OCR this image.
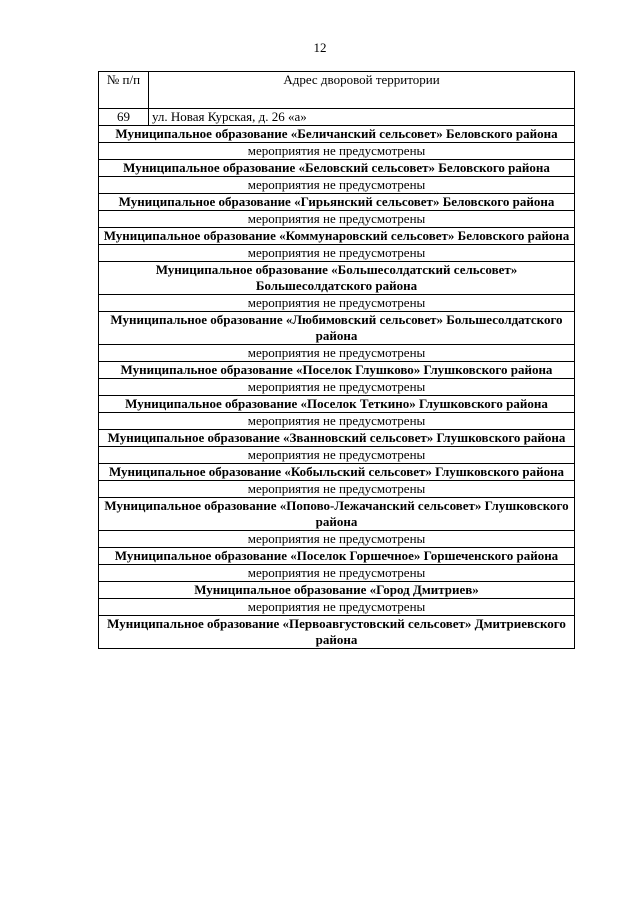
12
№ п/п	Адрес дворовой территории
69	ул. Новая Курская, д. 26 «а»
Муниципальное образование «Беличанский сельсовет» Беловского района	
мероприятия не предусмотрены	
Муниципальное образование «Беловский сельсовет» Беловского района	
мероприятия не предусмотрены	
Муниципальное образование «Гирьянский сельсовет» Беловского района	
мероприятия не предусмотрены	
Муниципальное образование «Коммунаровский сельсовет» Беловского района	
мероприятия не предусмотрены	
Муниципальное образование «Большесолдатский сельсовет» Большесолдатского района	
мероприятия не предусмотрены	
Муниципальное образование «Любимовский сельсовет» Большесолдатского района	
мероприятия не предусмотрены	
Муниципальное образование «Поселок Глушково» Глушковского района	
мероприятия не предусмотрены	
Муниципальное образование «Поселок Теткино» Глушковского района	
мероприятия не предусмотрены	
Муниципальное образование «Званновский сельсовет» Глушковского района	
мероприятия не предусмотрены	
Муниципальное образование «Кобыльский сельсовет» Глушковского района	
мероприятия не предусмотрены	
Муниципальное образование «Попово-Лежачанский сельсовет» Глушковского района	
мероприятия не предусмотрены	
Муниципальное образование «Поселок Горшечное» Горшеченского района	
мероприятия не предусмотрены	
Муниципальное образование «Город Дмитриев»	
мероприятия не предусмотрены	
Муниципальное образование «Первоавгустовский сельсовет» Дмитриевского района	
